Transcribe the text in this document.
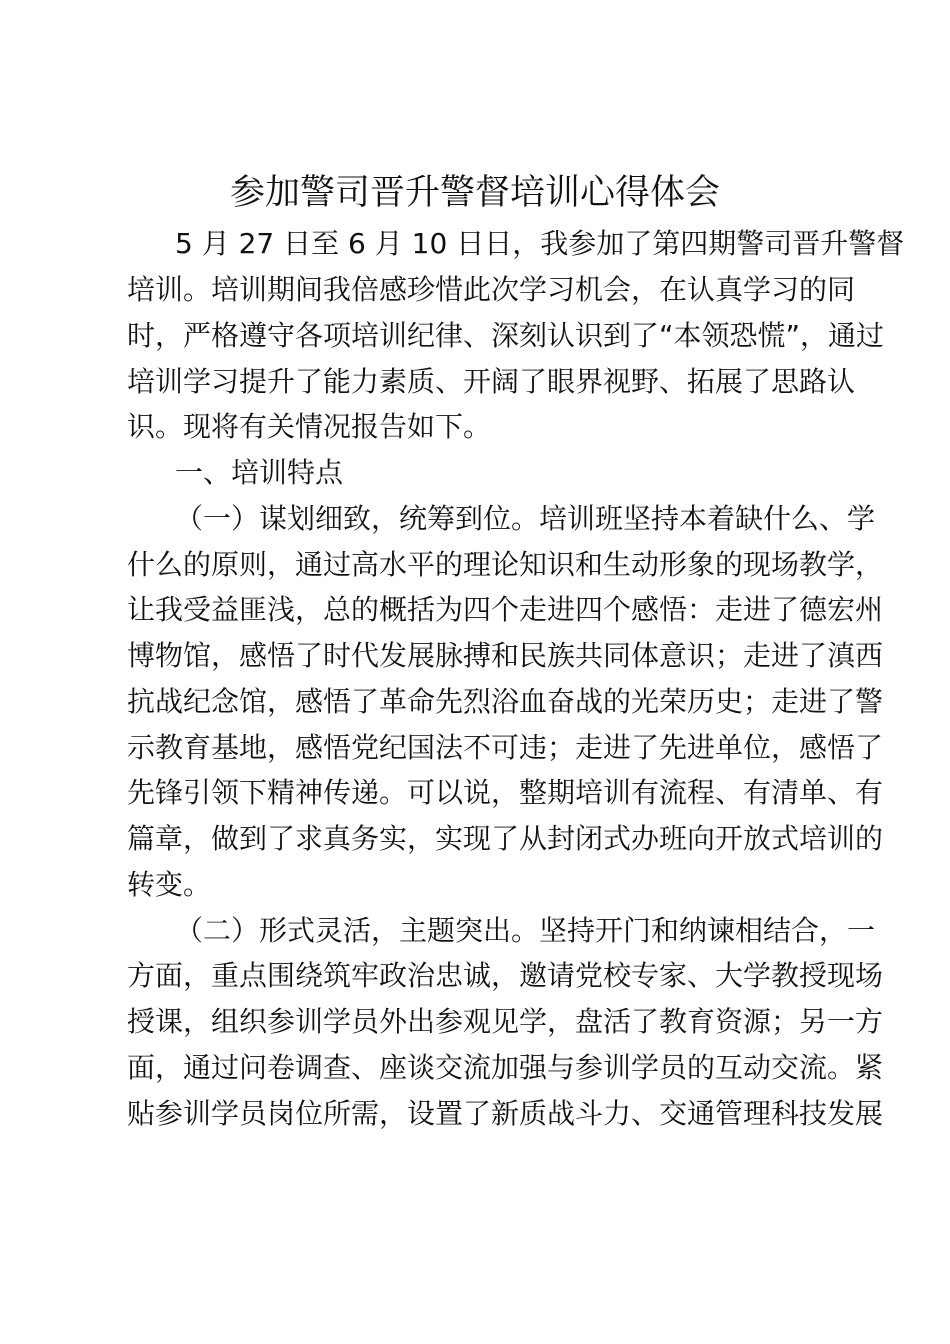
参加警司晋升警督培训心得体会
5 月 27 日至 6 月 10 日日，我参加了第四期警司晋升警督
培训。培训期间我倍感珍惜此次学习机会，在认真学习的同
时，严格遵守各项培训纪律、深刻认识到了“本领恐慌”，通过
培训学习提升了能力素质、开阔了眼界视野、拓展了思路认
识。现将有关情况报告如下。
一、培训特点
（一）谋划细致，统筹到位。培训班坚持本着缺什么、学
什么的原则，通过高水平的理论知识和生动形象的现场教学，
让我受益匪浅，总的概括为四个走进四个感悟：走进了德宏州
博物馆，感悟了时代发展脉搏和民族共同体意识；走进了滇西
抗战纪念馆，感悟了革命先烈浴血奋战的光荣历史；走进了警
示教育基地，感悟党纪国法不可违；走进了先进单位，感悟了
先锋引领下精神传递。可以说，整期培训有流程、有清单、有
篇章，做到了求真务实，实现了从封闭式办班向开放式培训的
转变。
（二）形式灵活，主题突出。坚持开门和纳谏相结合，一
方面，重点围绕筑牢政治忠诚，邀请党校专家、大学教授现场
授课，组织参训学员外出参观见学，盘活了教育资源；另一方
面，通过问卷调查、座谈交流加强与参训学员的互动交流。紧
贴参训学员岗位所需，设置了新质战斗力、交通管理科技发展
